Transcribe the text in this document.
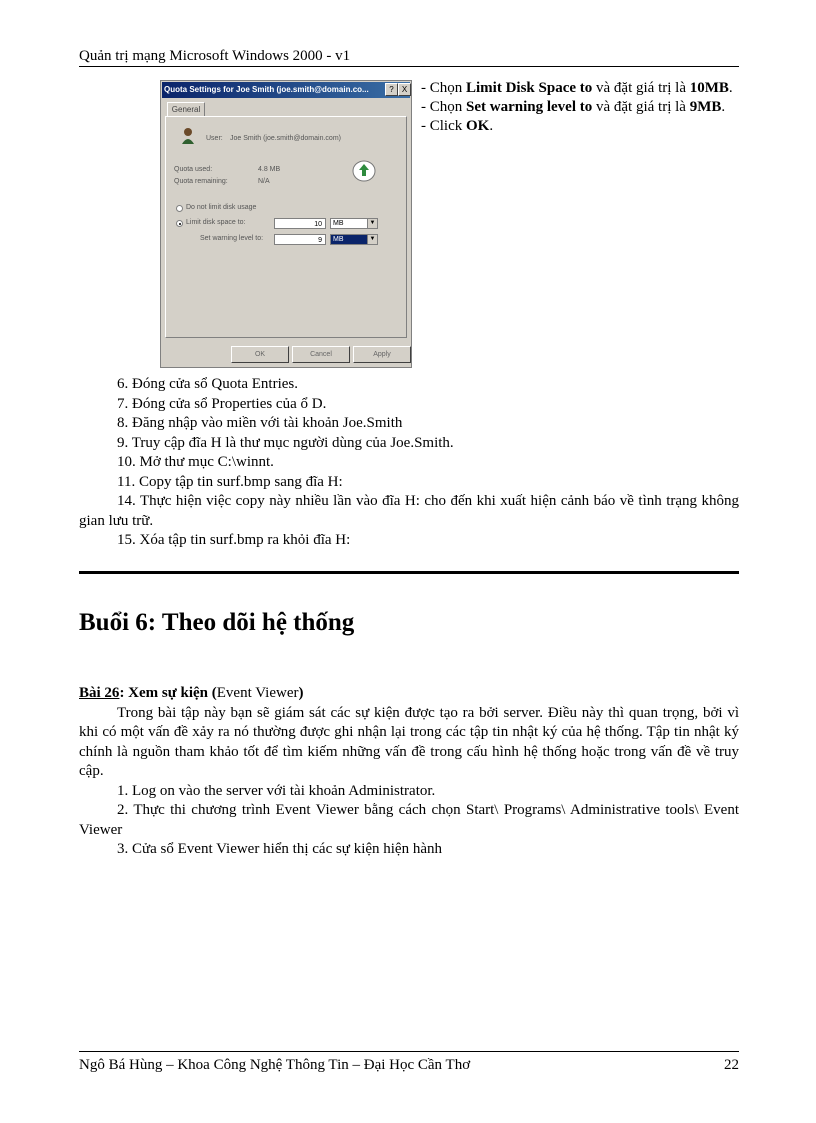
Quản trị mạng Microsoft Windows 2000 - v1
Quota Settings for Joe Smith (joe.smith@domain.co...	?	X
General
User: Joe Smith (joe.smith@domain.com)
Quota used:	4.8 MB
Quota remaining:	N/A
Do not limit disk usage
Limit disk space to:	10	MB	▼
Set warning level to:	9	MB	▼
OK	Cancel	Apply

- Chọn Limit Disk Space to và đặt giá trị là 10MB.

- Chọn Set warning level to và đặt giá trị là 9MB.

- Click OK.

6. Đóng cửa sổ Quota Entries.

7. Đóng cửa sổ Properties của ổ D.

8. Đăng nhập vào miền với tài khoản Joe.Smith

9. Truy cập đĩa H là thư mục người dùng của Joe.Smith.

10. Mở thư mục C:\winnt.

11. Copy tập tin surf.bmp sang đĩa H:

14. Thực hiện việc copy này nhiều lần vào đĩa H: cho đến khi xuất hiện cảnh báo về tình trạng không gian lưu trữ.

15. Xóa tập tin surf.bmp ra khỏi đĩa H:

Buổi 6: Theo dõi hệ thống

Bài 26: Xem sự kiện (Event Viewer)

Trong bài tập này bạn sẽ giám sát các sự kiện được tạo ra bởi server. Điều này thì quan trọng, bởi vì khi có một vấn đề xảy ra nó thường được ghi nhận lại trong các tập tin nhật ký của hệ thống. Tập tin nhật ký chính là nguồn tham khảo tốt để tìm kiếm những vấn đề trong cấu hình hệ thống hoặc trong vấn đề về truy cập.

1. Log on vào the server với tài khoản Administrator.

2. Thực thi chương trình Event Viewer bằng cách chọn Start\ Programs\ Administrative tools\ Event Viewer

3. Cửa sổ Event Viewer hiển thị các sự kiện hiện hành

Ngô Bá Hùng – Khoa Công Nghệ Thông Tin – Đại Học Cần Thơ	22
